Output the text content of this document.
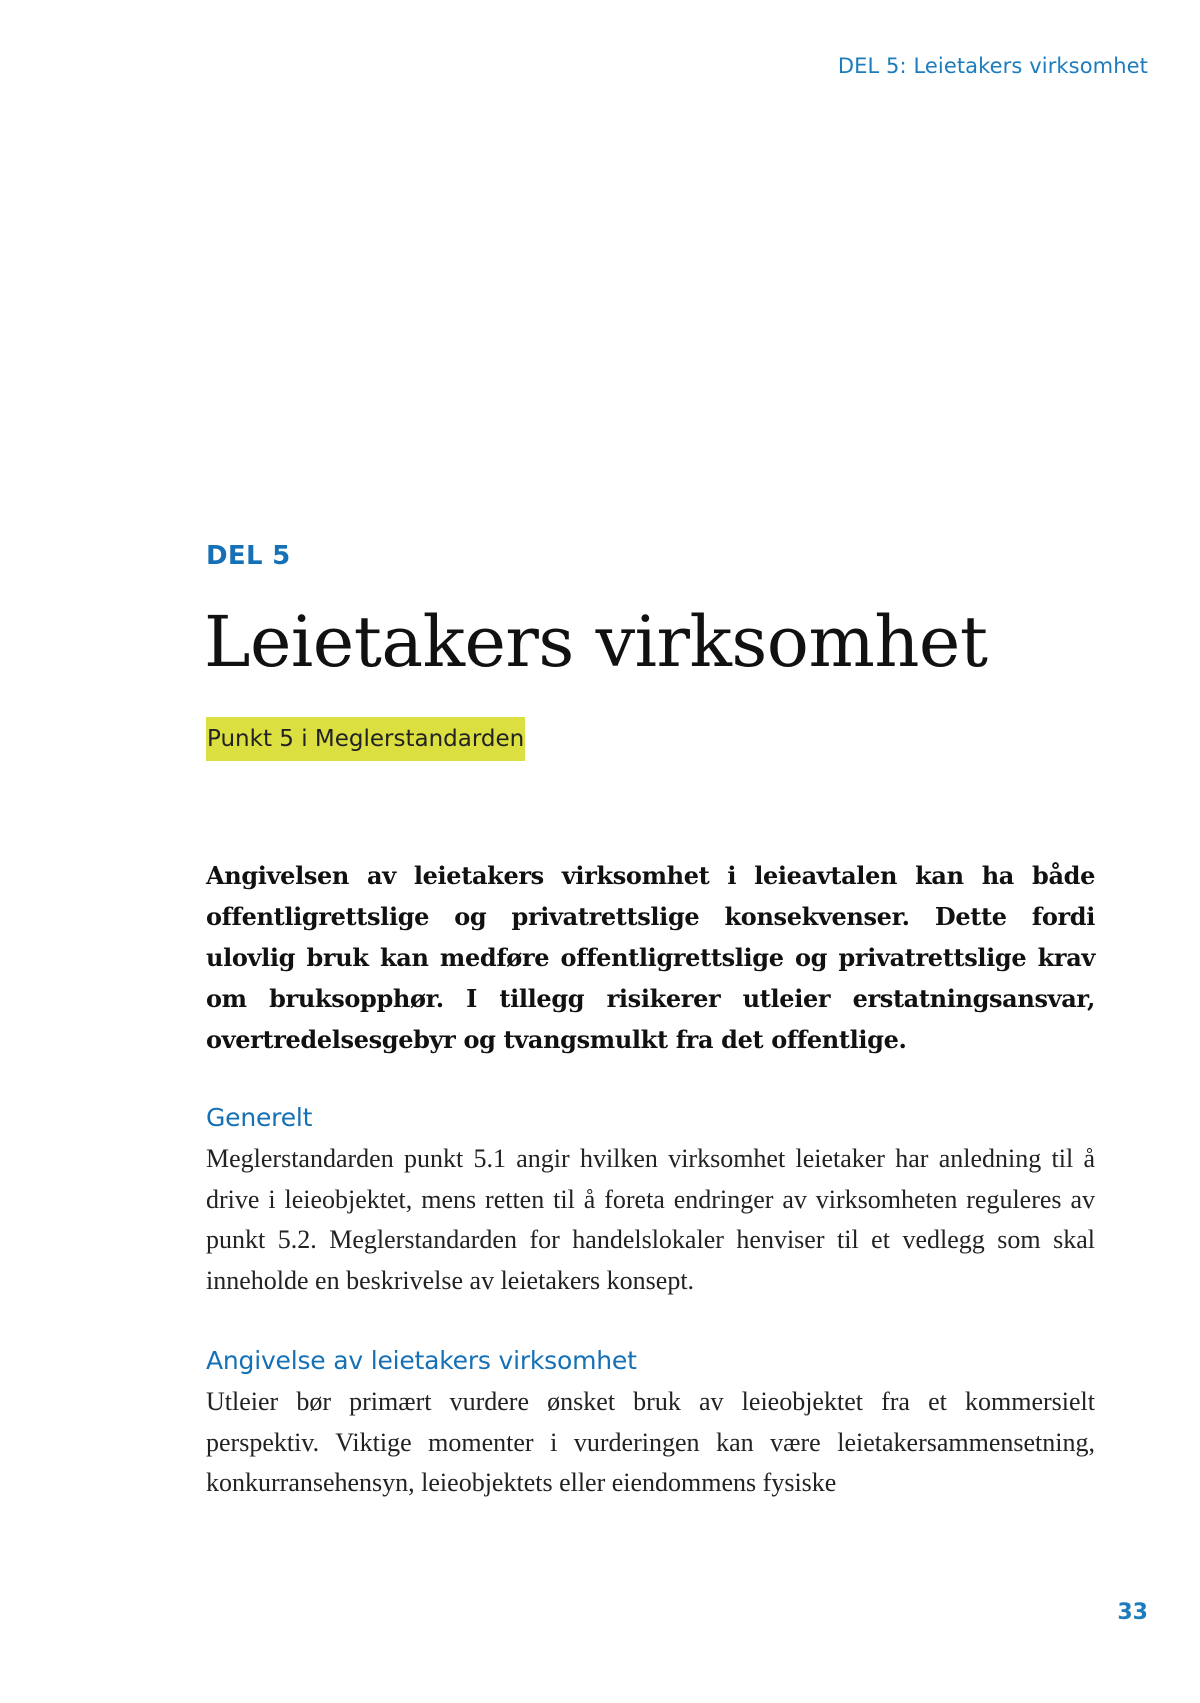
DEL 5: Leietakers virksomhet
DEL 5
Leietakers virksomhet
Punkt 5 i Meglerstandarden

Angivelsen av leietakers virksomhet i leieavtalen kan ha både offentligrettslige og privatrettslige konsekvenser. Dette fordi ulovlig bruk kan medføre offentligrettslige og privatrettslige krav om bruksopphør. I tillegg risikerer utleier erstatningsansvar, overtredelsesgebyr og tvangsmulkt fra det offentlige.

Generelt

Meglerstandarden punkt 5.1 angir hvilken virksomhet leietaker har anledning til å drive i leieobjektet, mens retten til å foreta endringer av virksomheten reguleres av punkt 5.2. Meglerstandarden for handelslokaler henviser til et vedlegg som skal inneholde en beskrivelse av leietakers konsept.

Angivelse av leietakers virksomhet

Utleier bør primært vurdere ønsket bruk av leieobjektet fra et kommersielt perspektiv. Viktige momenter i vurderingen kan være leietakersammensetning, konkurransehensyn, leieobjektets eller eiendommens fysiske

33
